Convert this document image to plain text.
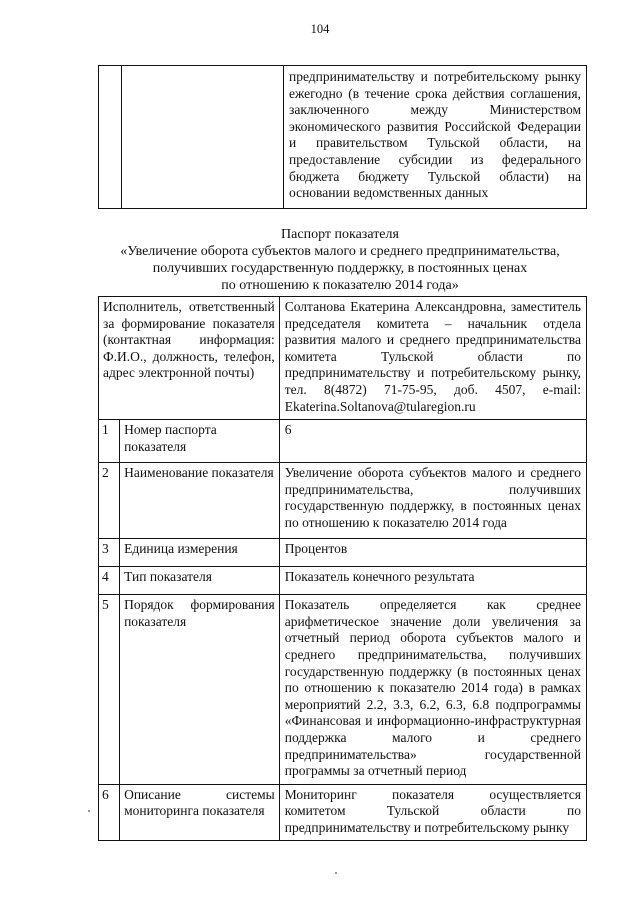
104
		предпринимательству и потребительскому рынку ежегодно (в течение срока действия соглашения, заключенного между Министерством экономического развития Российской Федерации и правительством Тульской области, на предоставление субсидии из федерального бюджета бюджету Тульской области) на основании ведомственных данных
Паспорт показателя
«Увеличение оборота субъектов малого и среднего предпринимательства,
получивших государственную поддержку, в постоянных ценах
по отношению к показателю 2014 года»
Исполнитель, ответственный за формирование показателя (контактная информация: Ф.И.О., должность, телефон, адрес электронной почты)		Солтанова Екатерина Александровна, заместитель председателя комитета – начальник отдела развития малого и среднего предпринимательства комитета Тульской области по предпринимательству и потребительскому рынку, тел. 8(4872) 71-75-95, доб. 4507, e-mail: Ekaterina.Soltanova@tularegion.ru
1	Номер паспорта показателя	6
2	Наименование показателя	Увеличение оборота субъектов малого и среднего предпринимательства, получивших государственную поддержку, в постоянных ценах по отношению к показателю 2014 года
3	Единица измерения	Процентов
4	Тип показателя	Показатель конечного результата
5	Порядок формирования показателя	Показатель определяется как среднее арифметическое значение доли увеличения за отчетный период оборота субъектов малого и среднего предпринимательства, получивших государственную поддержку (в постоянных ценах по отношению к показателю 2014 года) в рамках мероприятий 2.2, 3.3, 6.2, 6.3, 6.8 подпрограммы «Финансовая и информационно-инфраструктурная поддержка малого и среднего предпринимательства» государственной программы за отчетный период
6	Описание системы мониторинга показателя	Мониторинг показателя осуществляется комитетом Тульской области по предпринимательству и потребительскому рынку
